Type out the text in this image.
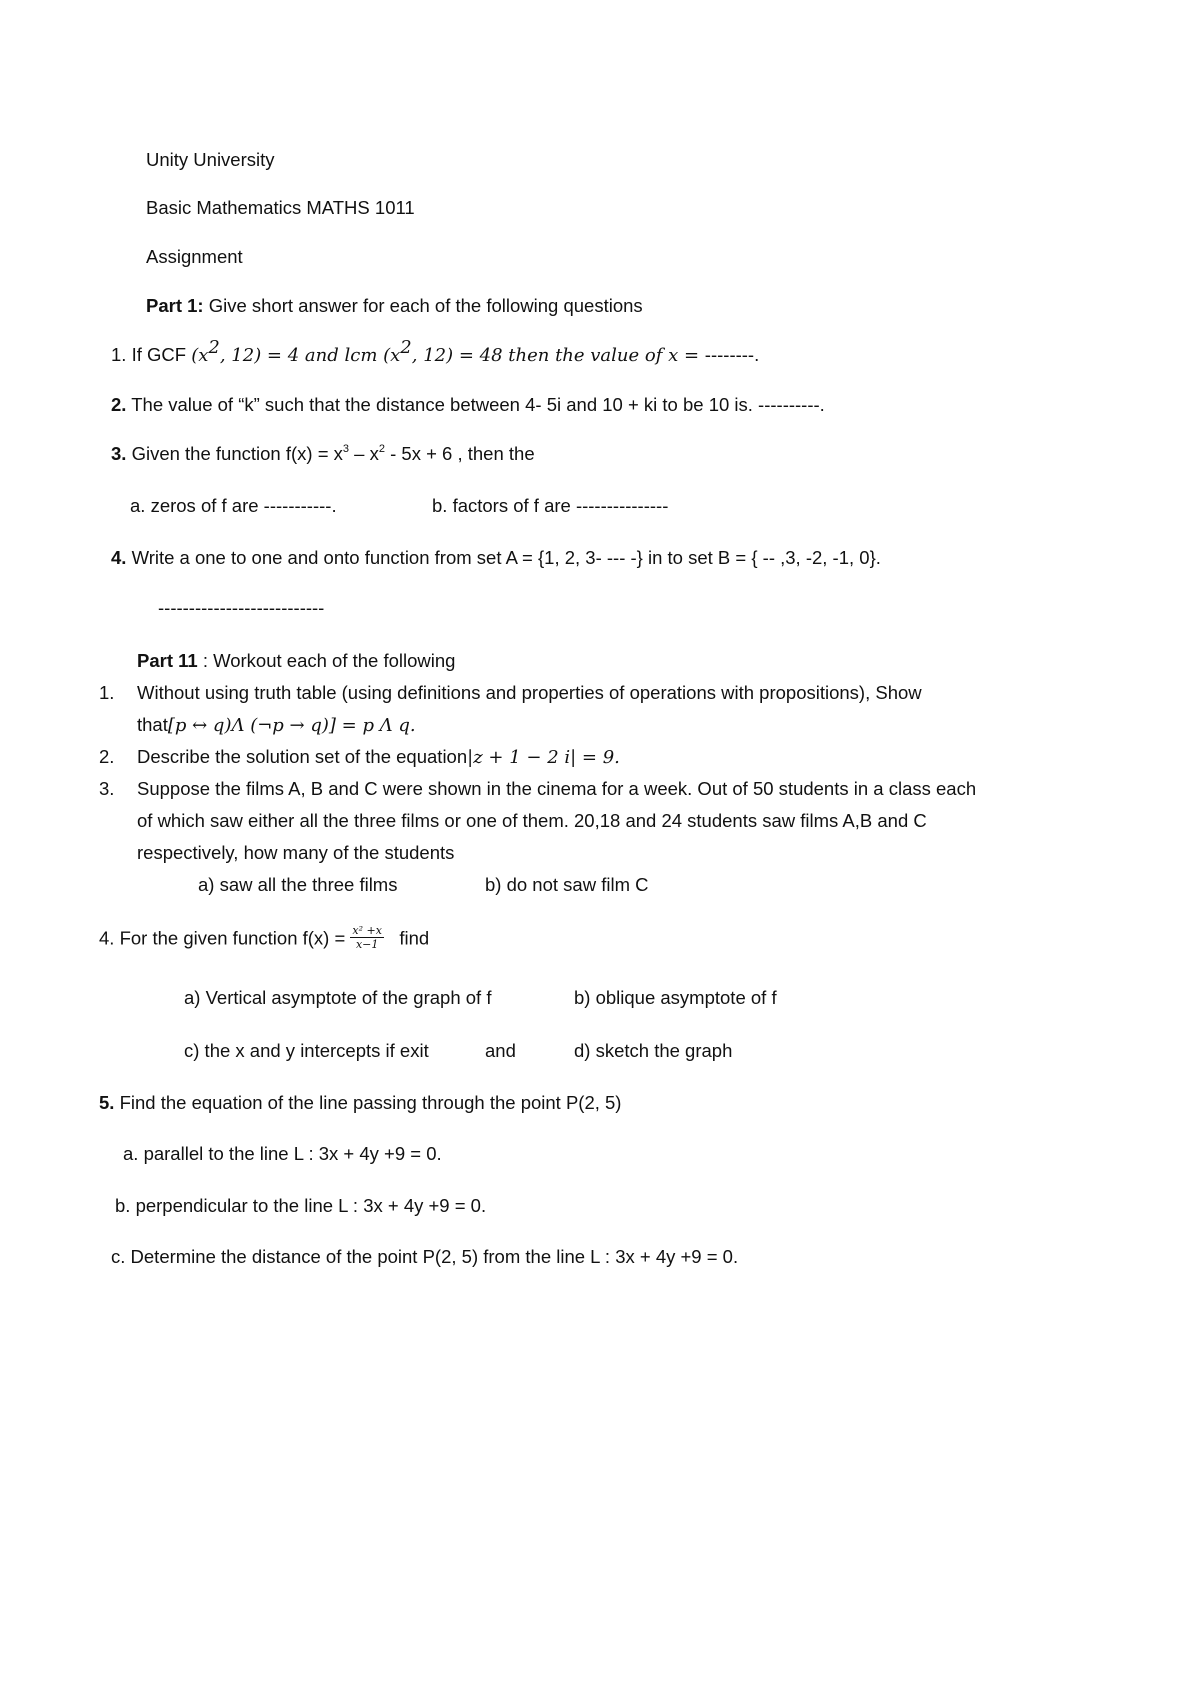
Unity University
Basic Mathematics MATHS 1011
Assignment
Part 1: Give short answer for each of the following questions
1. If GCF ($x^2$, 12) = 4 and lcm ($x^2$, 12) = 48 then the value of x = --------.
2. The value of “k” such that the distance between 4- 5i and 10 + ki to be 10 is. ----------.
3. Given the function $f(x) = x^3 - x^2 - 5x + 6$ , then the
a. zeros of f are -----------.	b. factors of f are ---------------
4. Write a one to one and onto function from set A = {1, 2, 3- --- -} in to set B = { -- ,3, -2, -1, 0}.
---------------------------
Part 11 : Workout each of the following
1. Without using truth table (using definitions and properties of operations with propositions), Show
that[p ↔ q)Λ (¬p → q)] = p Λ q.
2. Describe the solution set of the equation|z + 1 − 2 i| = 9.
3. Suppose the films A, B and C were shown in the cinema for a week. Out of 50 students in a class each
of which saw either all the three films or one of them. 20,18 and 24 students saw films A,B and C
respectively, how many of the students
a) saw all the three films	b) do not saw film C
4. For the given function $f(x) = \frac{\text{x² +x}}{x-1}$ find
a) Vertical asymptote of the graph of f	b) oblique asymptote of f
c) the x and y intercepts if exit	and	d) sketch the graph
5. Find the equation of the line passing through the point P(2, 5)
a. parallel to the line L : 3x + 4y +9 = 0.
b. perpendicular to the line L : 3x + 4y +9 = 0.
c. Determine the distance of the point P(2, 5) from the line L : 3x + 4y +9 = 0.
